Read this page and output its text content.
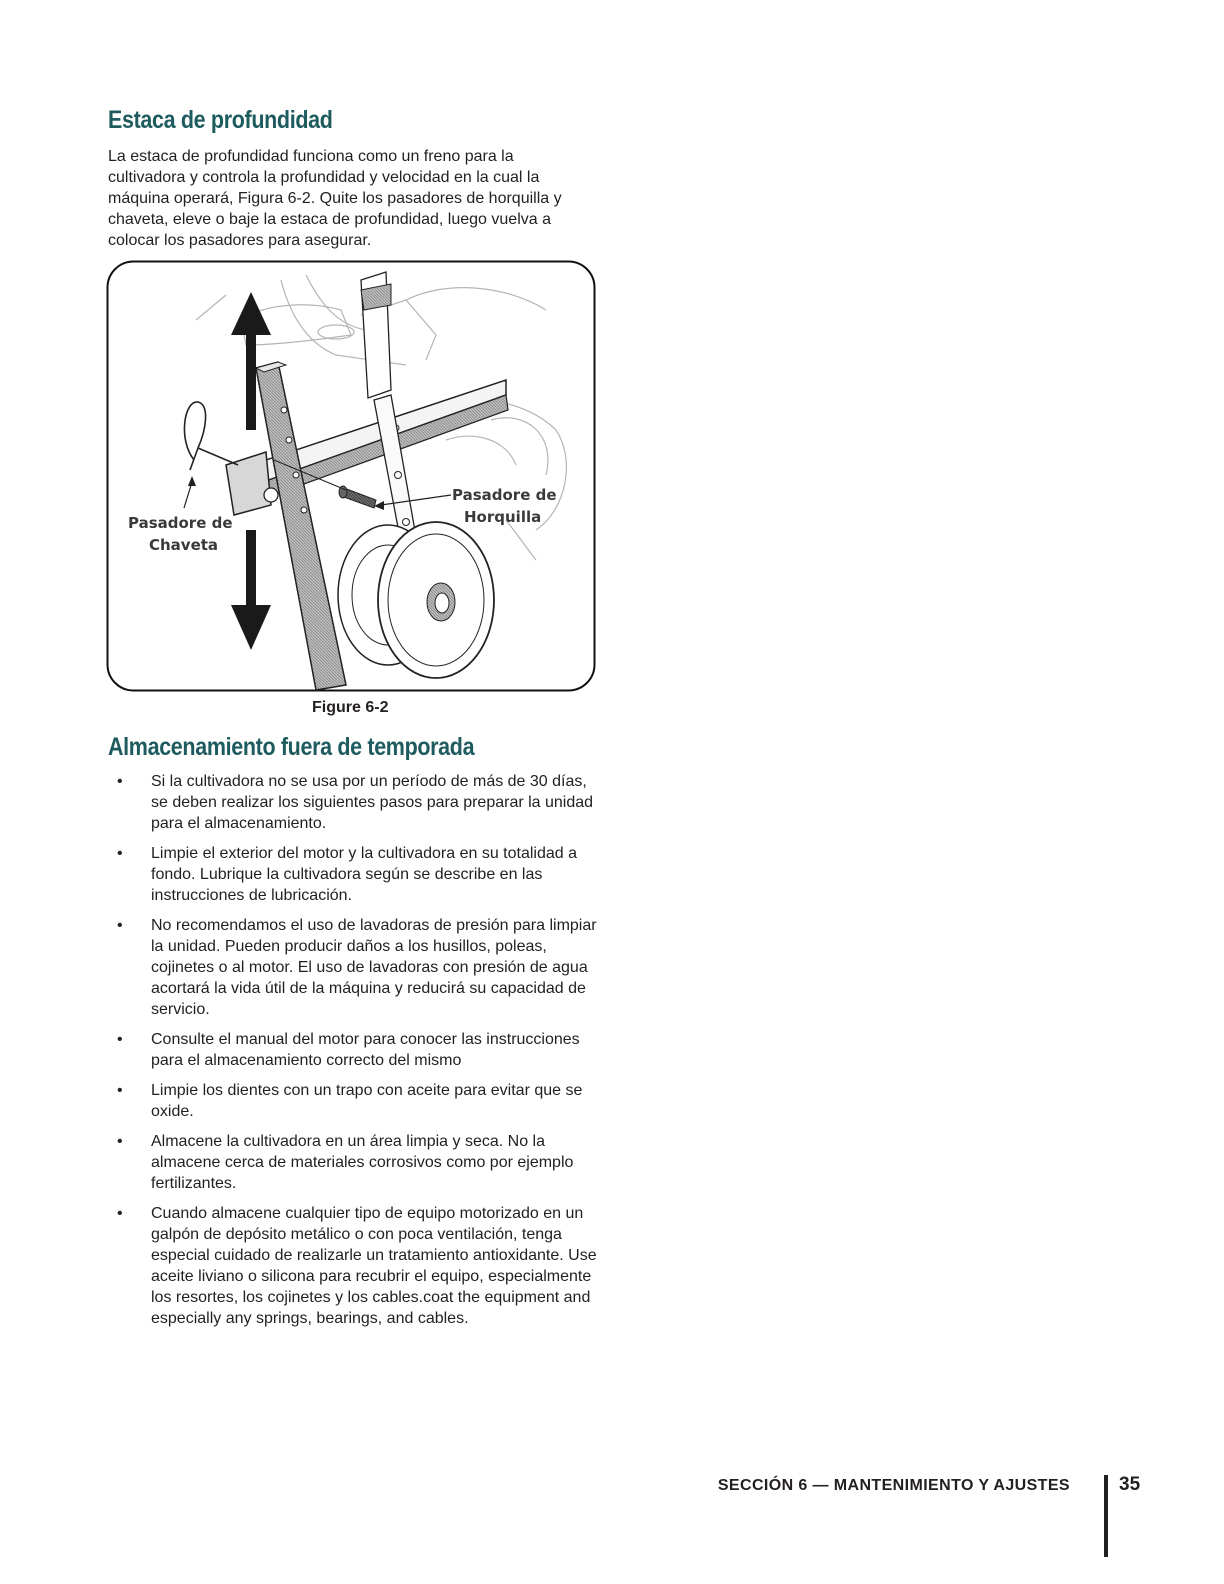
Estaca de profundidad

La estaca de profundidad funciona como un freno para la cultivadora y controla la profundidad y velocidad en la cual la máquina operará, Figura 6-2. Quite los pasadores de horquilla y chaveta, eleve o baje la estaca de profundidad, luego vuelva a colocar los pasadores para asegurar.

Pasadore de
Chaveta
Pasadore de
Horquilla
Figure 6-2
Almacenamiento fuera de temporada
• Si la cultivadora no se usa por un período de más de 30 días, se deben realizar los siguientes pasos para preparar la unidad para el almacenamiento.
• Limpie el exterior del motor y la cultivadora en su totalidad a fondo. Lubrique la cultivadora según se describe en las instrucciones de lubricación.
• No recomendamos el uso de lavadoras de presión para limpiar la unidad. Pueden producir daños a los husillos, poleas, cojinetes o al motor. El uso de lavadoras con presión de agua acortará la vida útil de la máquina y reducirá su capacidad de servicio.
• Consulte el manual del motor para conocer las instrucciones para el almacenamiento correcto del mismo
• Limpie los dientes con un trapo con aceite para evitar que se oxide.
• Almacene la cultivadora en un área limpia y seca. No la almacene cerca de materiales corrosivos como por ejemplo fertilizantes.
• Cuando almacene cualquier tipo de equipo motorizado en un galpón de depósito metálico o con poca ventilación, tenga especial cuidado de realizarle un tratamiento antioxidante. Use aceite liviano o silicona para recubrir el equipo, especialmente los resortes, los cojinetes y los cables.coat the equipment and especially any springs, bearings, and cables.
SECCIÓN 6 — MANTENIMIENTO Y AJUSTES	35
